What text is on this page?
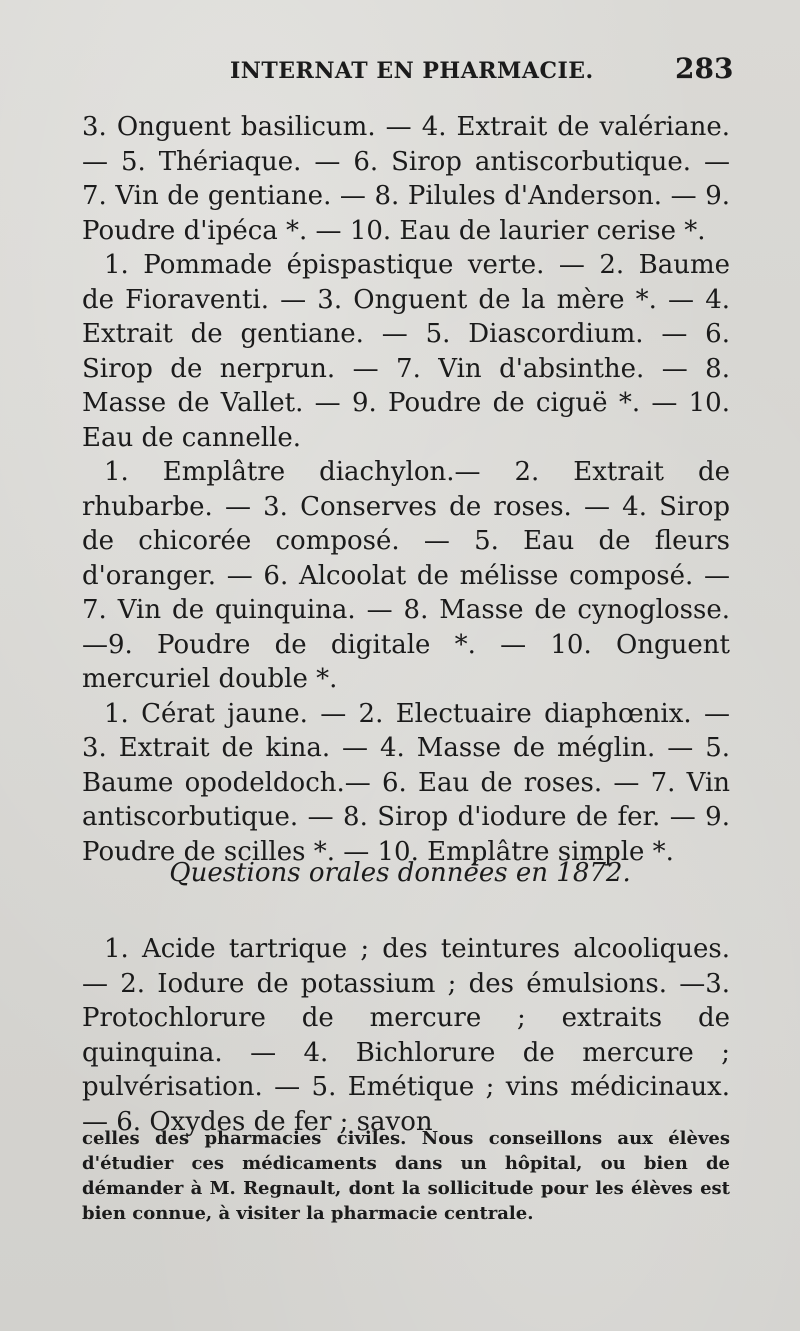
INTERNAT EN PHARMACIE.	283

3. Onguent basilicum. — 4. Extrait de valériane. — 5. Thériaque. — 6. Sirop antiscorbutique. — 7. Vin de gentiane. — 8. Pilules d'Anderson. — 9. Poudre d'ipéca *. — 10. Eau de laurier cerise *.

1. Pommade épispastique verte. — 2. Baume de Fioraventi. — 3. Onguent de la mère *. — 4. Extrait de gentiane. — 5. Diascordium. — 6. Sirop de nerprun. — 7. Vin d'absinthe. — 8. Masse de Vallet. — 9. Poudre de ciguë *. — 10. Eau de cannelle.

1. Emplâtre diachylon.— 2. Extrait de rhubarbe. — 3. Conserves de roses. — 4. Sirop de chicorée composé. — 5. Eau de fleurs d'oranger. — 6. Alcoolat de mélisse composé. — 7. Vin de quinquina. — 8. Masse de cynoglosse.—9. Poudre de digitale *. — 10. Onguent mercuriel double *.

1. Cérat jaune. — 2. Electuaire diaphœnix. — 3. Extrait de kina. — 4. Masse de méglin. — 5. Baume opodeldoch.— 6. Eau de roses. — 7. Vin antiscorbutique. — 8. Sirop d'iodure de fer. — 9. Poudre de scilles *. — 10. Emplâtre simple *.

Questions orales données en 1872.

1. Acide tartrique ; des teintures alcooliques. — 2. Iodure de potassium ; des émulsions. —3. Protochlorure de mercure ; extraits de quinquina. — 4. Bichlorure de mercure ; pulvérisation. — 5. Emétique ; vins médicinaux. — 6. Oxydes de fer ; savon

celles des pharmacies civiles. Nous conseillons aux élèves d'étudier ces médicaments dans un hôpital, ou bien de démander à M. Regnault, dont la sollicitude pour les élèves est bien connue, à visiter la pharmacie centrale.
